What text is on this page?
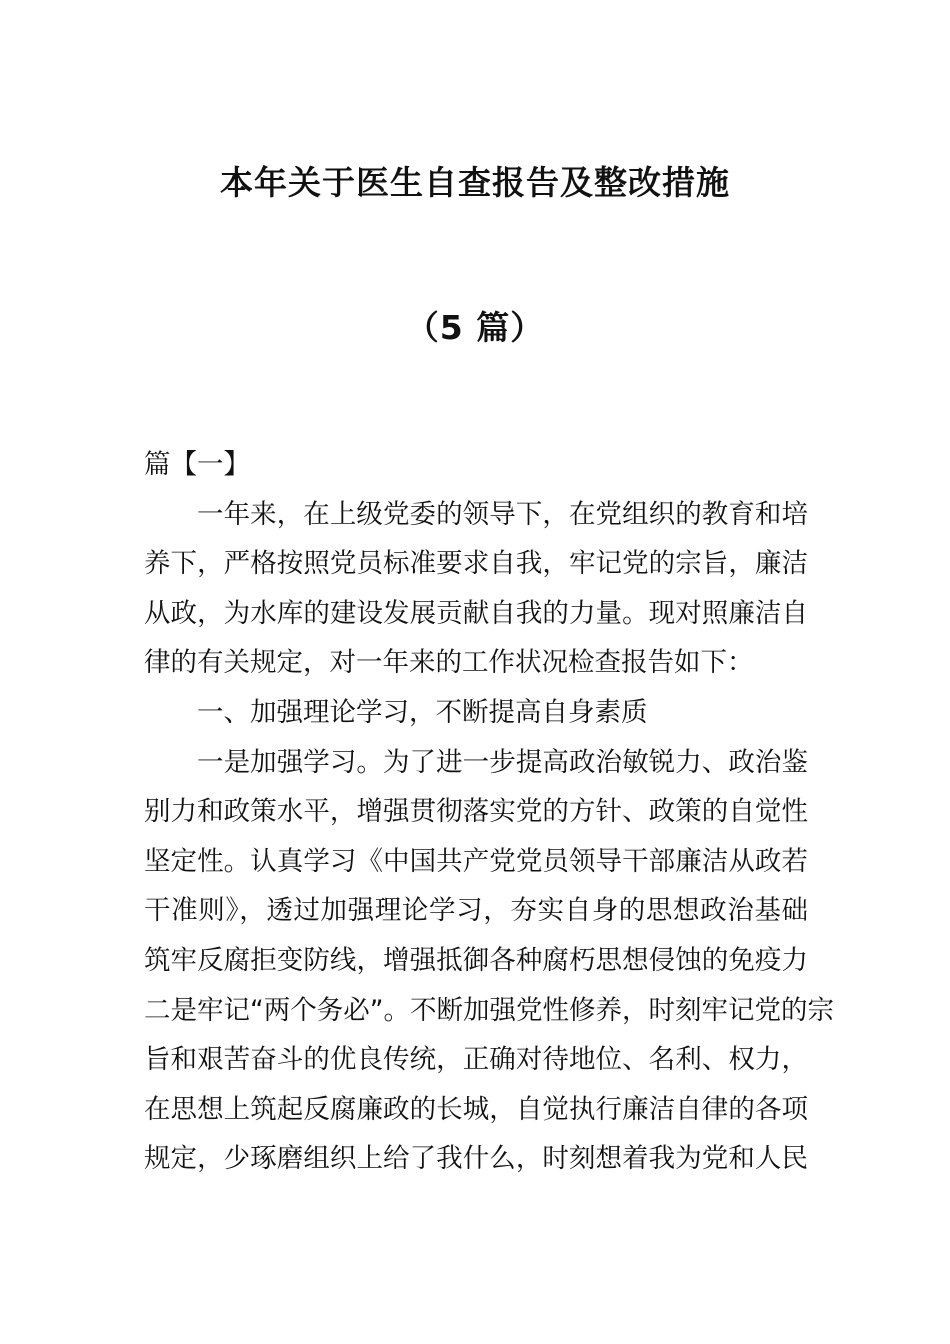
本年关于医生自查报告及整改措施
（5 篇）
篇【一】
一年来，在上级党委的领导下，在党组织的教育和培
养下，严格按照党员标准要求自我，牢记党的宗旨，廉洁
从政，为水库的建设发展贡献自我的力量。现对照廉洁自
律的有关规定，对一年来的工作状况检查报告如下：
一、加强理论学习，不断提高自身素质
一是加强学习。为了进一步提高政治敏锐力、政治鉴
别力和政策水平，增强贯彻落实党的方针、政策的自觉性
坚定性。认真学习《中国共产党党员领导干部廉洁从政若
干准则》，透过加强理论学习，夯实自身的思想政治基础
筑牢反腐拒变防线，增强抵御各种腐朽思想侵蚀的免疫力
二是牢记“两个务必”。不断加强党性修养，时刻牢记党的宗
旨和艰苦奋斗的优良传统，正确对待地位、名利、权力，
在思想上筑起反腐廉政的长城，自觉执行廉洁自律的各项
规定，少琢磨组织上给了我什么，时刻想着我为党和人民
